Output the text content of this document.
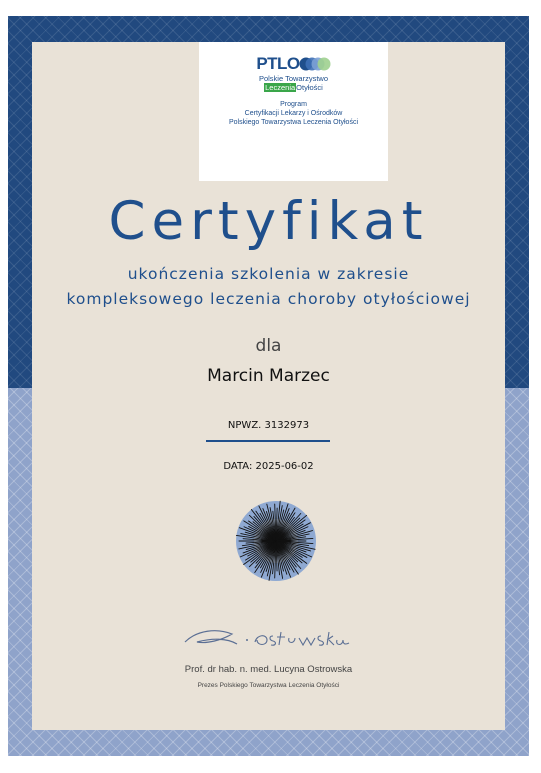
PTLO
Polskie Towarzystwo
LeczeniaOtyłości
Program
Certyfikacji Lekarzy i Ośrodków
Polskiego Towarzystwa Leczenia Otyłości
Certyfikat
ukończenia szkolenia w zakresie
kompleksowego leczenia choroby otyłościowej
dla
Marcin Marzec
NPWZ. 3132973
DATA: 2025-06-02
Prof. dr hab. n. med. Lucyna Ostrowska
Prezes Polskiego Towarzystwa Leczenia Otyłości
